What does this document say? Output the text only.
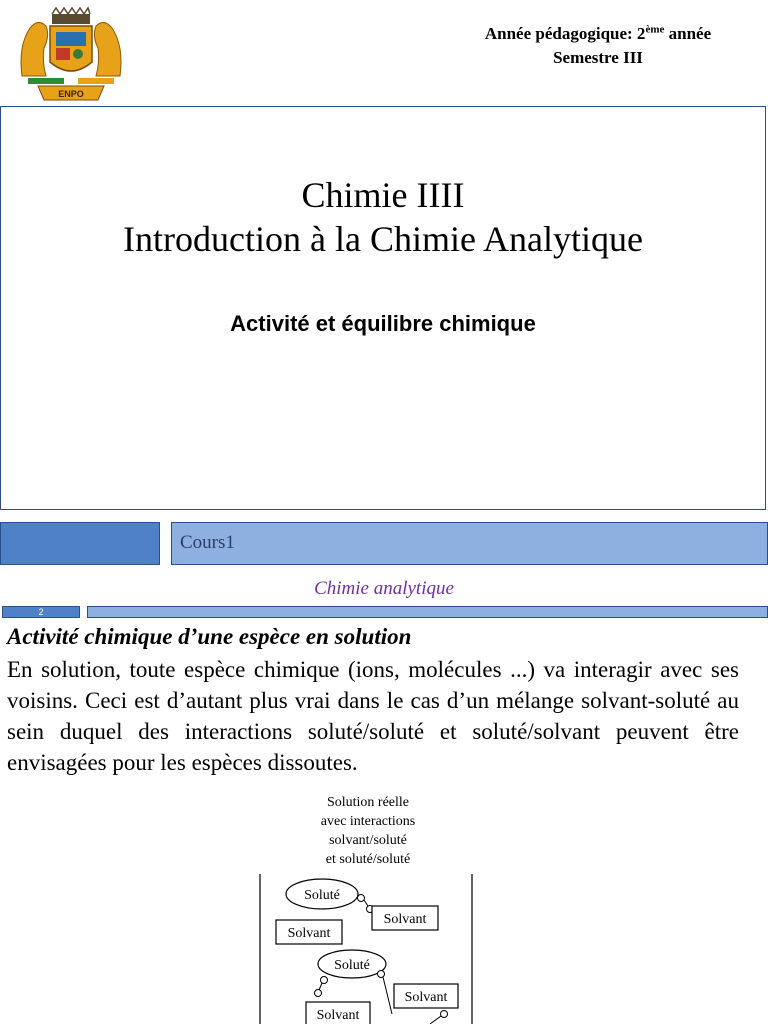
ENPO
Année pédagogique: 2ème année
Semestre III
Chimie IIII
Introduction à la Chimie Analytique
Activité et équilibre chimique
Cours1
Chimie analytique
2
Activité chimique d’une espèce en solution
En solution, toute espèce chimique (ions, molécules ...) va interagir avec ses voisins. Ceci est d’autant plus vrai dans le cas d’un mélange solvant-soluté au sein duquel des interactions soluté/soluté et soluté/solvant peuvent être envisagées pour les espèces dissoutes.
Solution réelle
avec interactions
solvant/soluté
et soluté/soluté
Soluté
Solvant
Solvant
Soluté
Solvant
Solvant
